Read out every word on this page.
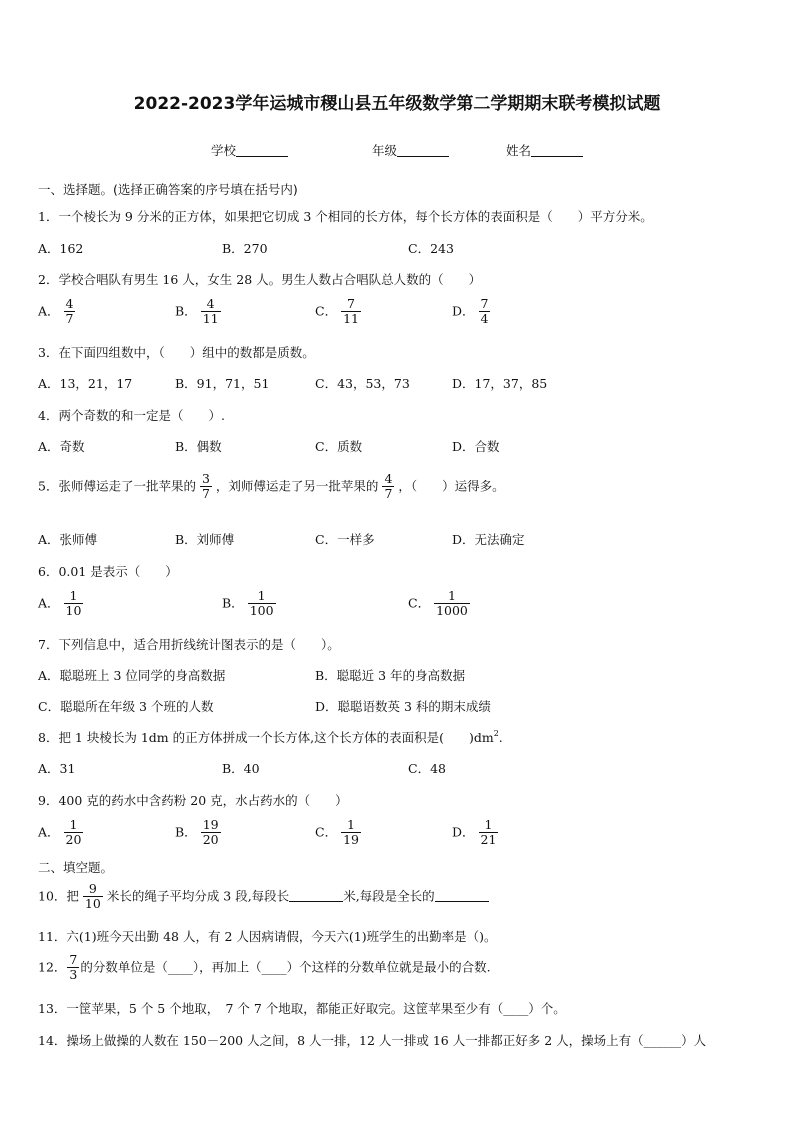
2022-2023学年运城市稷山县五年级数学第二学期期末联考模拟试题
学校	年级	姓名
一、选择题。(选择正确答案的序号填在括号内)
1．一个棱长为 9 分米的正方体，如果把它切成 3 个相同的长方体，每个长方体的表面积是（　　）平方分米。
A．162	B．270	C．243
2．学校合唱队有男生 16 人，女生 28 人。男生人数占合唱队总人数的（　　）
A． $\frac{4}{7}$	B． $\frac{4}{11}$	C． $\frac{7}{11}$	D． $\frac{7}{4}$
3．在下面四组数中，（　　）组中的数都是质数。
A．13，21，17	B．91，71，51	C．43，53，73	D．17，37，85
4．两个奇数的和一定是（　　）.
A．奇数	B．偶数	C．质数	D．合数
5．张师傅运走了一批苹果的 $\frac{3}{7}$ ，刘师傅运走了另一批苹果的 $\frac{4}{7}$ ，（　　）运得多。
A．张师傅	B．刘师傅	C．一样多	D．无法确定
6．0.01 是表示（　　）
A． $\frac{1}{10}$	B． $\frac{1}{100}$	C． $\frac{1}{1000}$
7．下列信息中，适合用折线统计图表示的是（　　）。
A．聪聪班上 3 位同学的身高数据	B．聪聪近 3 年的身高数据
C．聪聪所在年级 3 个班的人数	D．聪聪语数英 3 科的期末成绩
8．把 1 块棱长为 1dm 的正方体拼成一个长方体,这个长方体的表面积是(　　)$dm^2$.
A．31	B．40	C．48
9．400 克的药水中含药粉 20 克，水占药水的（　　）
A． $\frac{1}{20}$	B． $\frac{19}{20}$	C． $\frac{1}{19}$	D． $\frac{1}{21}$
二、填空题。
10．把 $\frac{9}{10}$ 米长的绳子平均分成 3 段,每段长	米,每段是全长的
11．六(1)班今天出勤 48 人，有 2 人因病请假，今天六(1)班学生的出勤率是（)。
12． $\frac{7}{3}$ 的分数单位是（____），再加上（____）个这样的分数单位就是最小的合数.
13．一筐苹果，5 个 5 个地取，　7 个 7 个地取，都能正好取完。这筐苹果至少有（____）个。
14．操场上做操的人数在 150－200 人之间，8 人一排，12 人一排或 16 人一排都正好多 2 人，操场上有（______）人
